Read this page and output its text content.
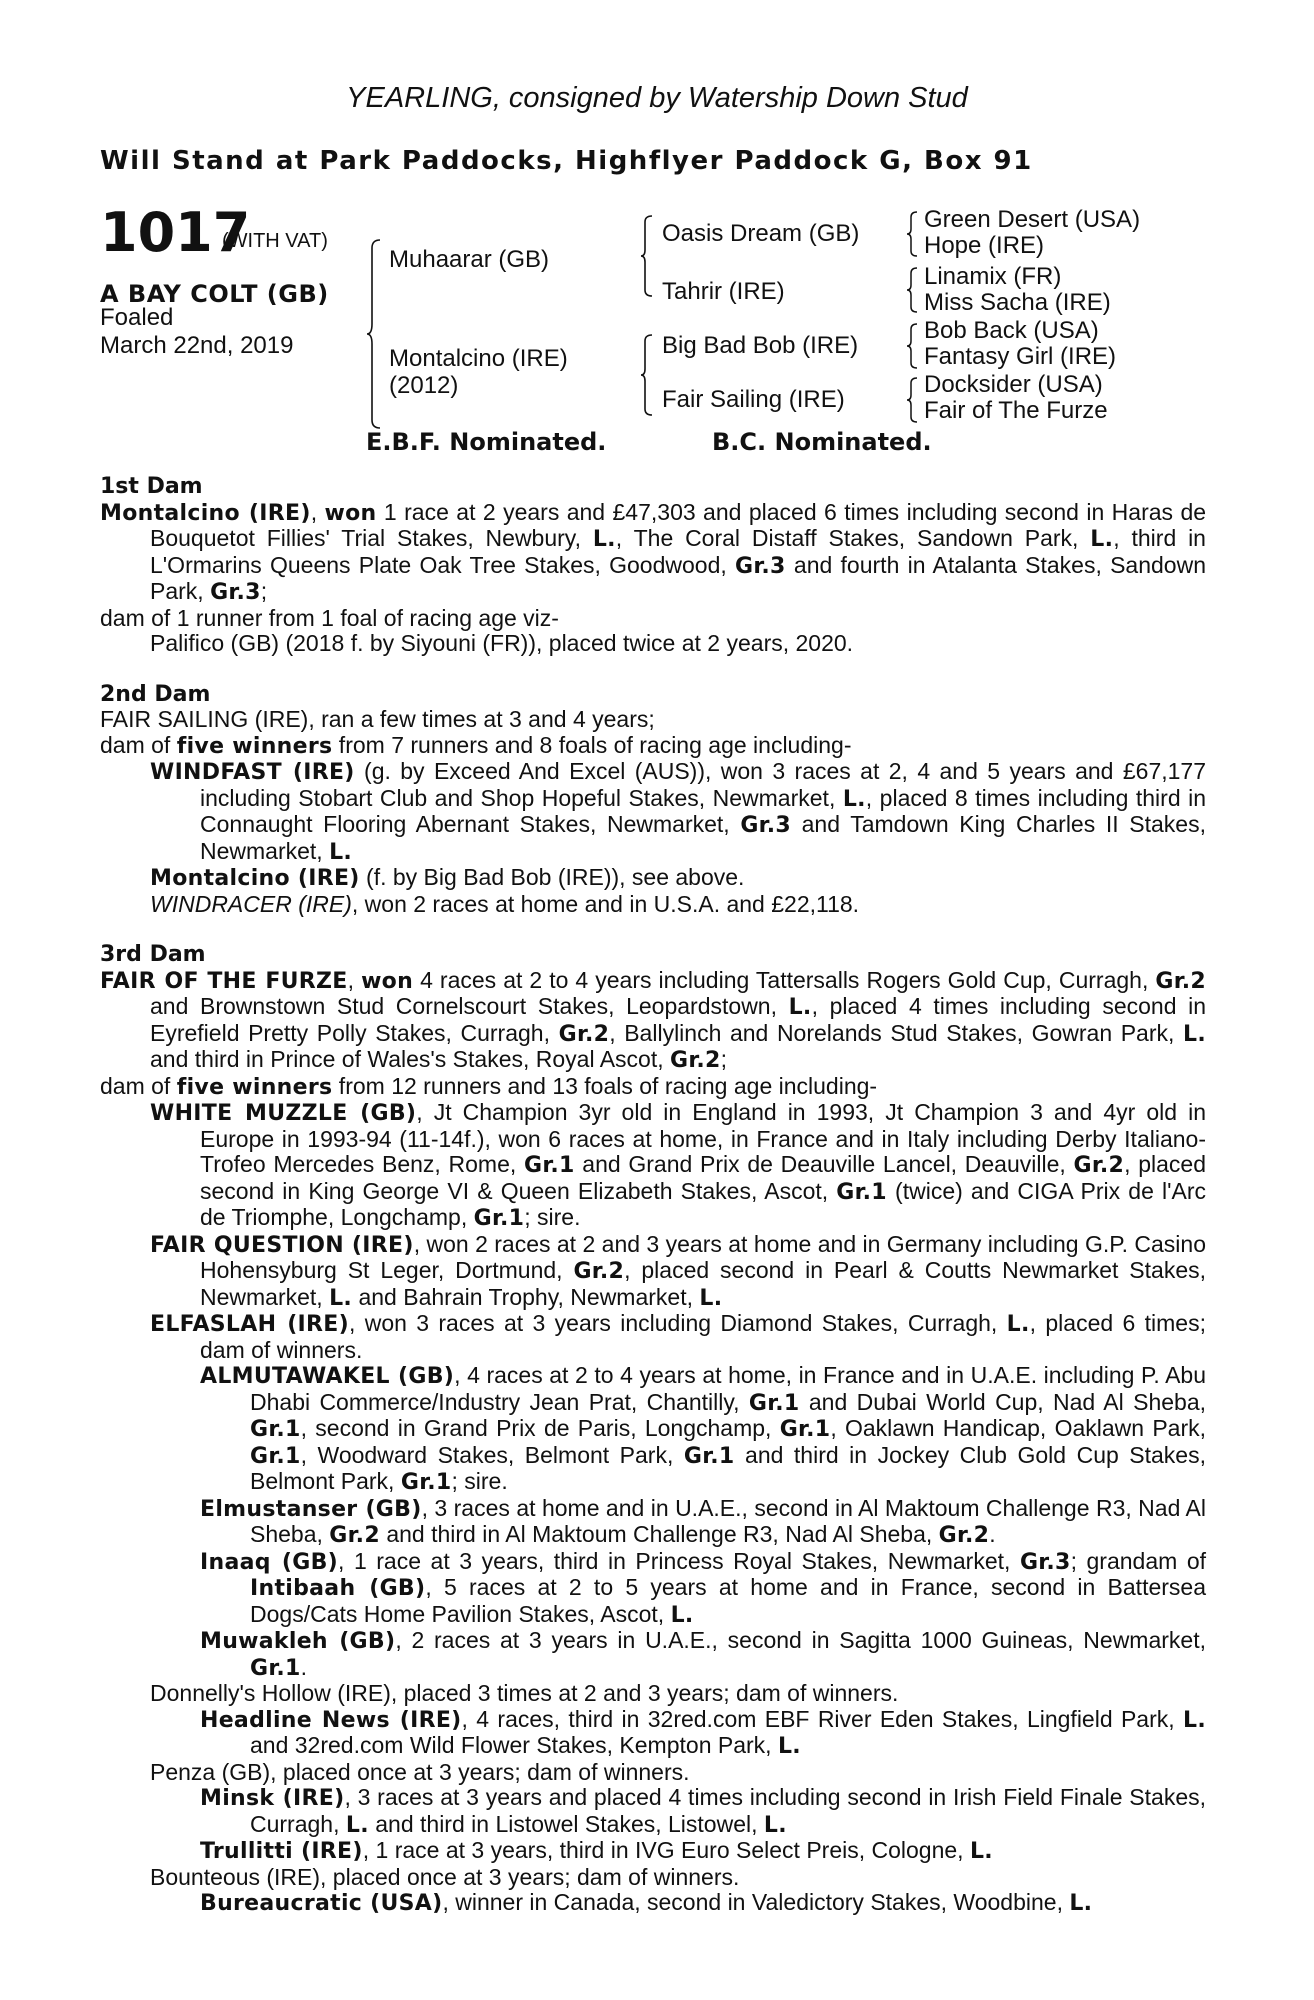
YEARLING, consigned by Watership Down Stud
Will Stand at Park Paddocks, Highflyer Paddock G, Box 91
1017
(WITH VAT)
A BAY COLT (GB)
Foaled
March 22nd, 2019
Muhaarar (GB)
Montalcino (IRE)
(2012)
Oasis Dream (GB)
Tahrir (IRE)
Big Bad Bob (IRE)
Fair Sailing (IRE)
Green Desert (USA)
Hope (IRE)
Linamix (FR)
Miss Sacha (IRE)
Bob Back (USA)
Fantasy Girl (IRE)
Docksider (USA)
Fair of The Furze
E.B.F. Nominated.	B.C. Nominated.
1st Dam

Montalcino (IRE), won 1 race at 2 years and £47,303 and placed 6 times including second in Haras de Bouquetot Fillies' Trial Stakes, Newbury, L., The Coral Distaff Stakes, Sandown Park, L., third in L'Ormarins Queens Plate Oak Tree Stakes, Goodwood, Gr.3 and fourth in Atalanta Stakes, Sandown Park, Gr.3;

dam of 1 runner from 1 foal of racing age viz-

Palifico (GB) (2018 f. by Siyouni (FR)), placed twice at 2 years, 2020.

2nd Dam

FAIR SAILING (IRE), ran a few times at 3 and 4 years;

dam of five winners from 7 runners and 8 foals of racing age including-

WINDFAST (IRE) (g. by Exceed And Excel (AUS)), won 3 races at 2, 4 and 5 years and £67,177 including Stobart Club and Shop Hopeful Stakes, Newmarket, L., placed 8 times including third in Connaught Flooring Abernant Stakes, Newmarket, Gr.3 and Tamdown King Charles II Stakes, Newmarket, L.

Montalcino (IRE) (f. by Big Bad Bob (IRE)), see above.

WINDRACER (IRE), won 2 races at home and in U.S.A. and £22,118.

3rd Dam

FAIR OF THE FURZE, won 4 races at 2 to 4 years including Tattersalls Rogers Gold Cup, Curragh, Gr.2 and Brownstown Stud Cornelscourt Stakes, Leopardstown, L., placed 4 times including second in Eyrefield Pretty Polly Stakes, Curragh, Gr.2, Ballylinch and Norelands Stud Stakes, Gowran Park, L. and third in Prince of Wales's Stakes, Royal Ascot, Gr.2;

dam of five winners from 12 runners and 13 foals of racing age including-

WHITE MUZZLE (GB), Jt Champion 3yr old in England in 1993, Jt Champion 3 and 4yr old in Europe in 1993-94 (11-14f.), won 6 races at home, in France and in Italy including Derby Italiano-Trofeo Mercedes Benz, Rome, Gr.1 and Grand Prix de Deauville Lancel, Deauville, Gr.2, placed second in King George VI & Queen Elizabeth Stakes, Ascot, Gr.1 (twice) and CIGA Prix de l'Arc de Triomphe, Longchamp, Gr.1; sire.

FAIR QUESTION (IRE), won 2 races at 2 and 3 years at home and in Germany including G.P. Casino Hohensyburg St Leger, Dortmund, Gr.2, placed second in Pearl & Coutts Newmarket Stakes, Newmarket, L. and Bahrain Trophy, Newmarket, L.

ELFASLAH (IRE), won 3 races at 3 years including Diamond Stakes, Curragh, L., placed 6 times; dam of winners.

ALMUTAWAKEL (GB), 4 races at 2 to 4 years at home, in France and in U.A.E. including P. Abu Dhabi Commerce/Industry Jean Prat, Chantilly, Gr.1 and Dubai World Cup, Nad Al Sheba, Gr.1, second in Grand Prix de Paris, Longchamp, Gr.1, Oaklawn Handicap, Oaklawn Park, Gr.1, Woodward Stakes, Belmont Park, Gr.1 and third in Jockey Club Gold Cup Stakes, Belmont Park, Gr.1; sire.

Elmustanser (GB), 3 races at home and in U.A.E., second in Al Maktoum Challenge R3, Nad Al Sheba, Gr.2 and third in Al Maktoum Challenge R3, Nad Al Sheba, Gr.2.

Inaaq (GB), 1 race at 3 years, third in Princess Royal Stakes, Newmarket, Gr.3; grandam of Intibaah (GB), 5 races at 2 to 5 years at home and in France, second in Battersea Dogs/Cats Home Pavilion Stakes, Ascot, L.

Muwakleh (GB), 2 races at 3 years in U.A.E., second in Sagitta 1000 Guineas, Newmarket, Gr.1.

Donnelly's Hollow (IRE), placed 3 times at 2 and 3 years; dam of winners.

Headline News (IRE), 4 races, third in 32red.com EBF River Eden Stakes, Lingfield Park, L. and 32red.com Wild Flower Stakes, Kempton Park, L.

Penza (GB), placed once at 3 years; dam of winners.

Minsk (IRE), 3 races at 3 years and placed 4 times including second in Irish Field Finale Stakes, Curragh, L. and third in Listowel Stakes, Listowel, L.

Trullitti (IRE), 1 race at 3 years, third in IVG Euro Select Preis, Cologne, L.

Bounteous (IRE), placed once at 3 years; dam of winners.

Bureaucratic (USA), winner in Canada, second in Valedictory Stakes, Woodbine, L.
